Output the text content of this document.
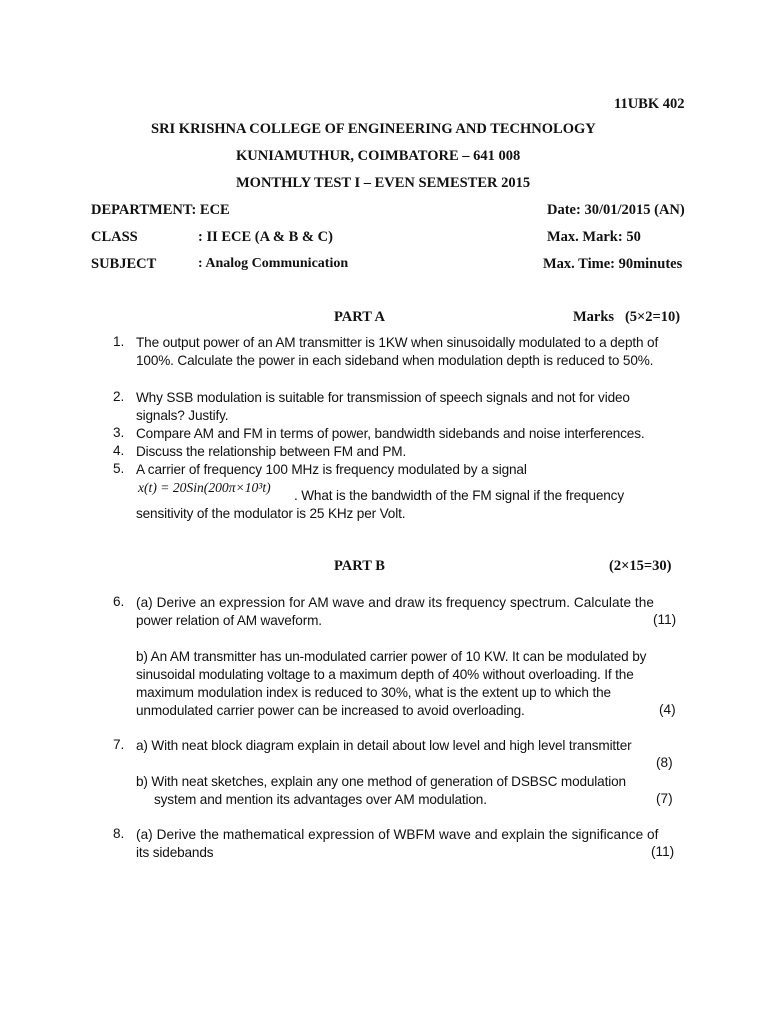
11UBK 402
SRI KRISHNA COLLEGE OF ENGINEERING AND TECHNOLOGY
KUNIAMUTHUR, COIMBATORE – 641 008
MONTHLY TEST I – EVEN SEMESTER 2015
DEPARTMENT: ECE	Date: 30/01/2015 (AN)
CLASS	: II ECE (A & B & C)	Max. Mark: 50
SUBJECT	: Analog Communication	Max. Time: 90minutes
PART A	Marks   (5×2=10)
1. The output power of an AM transmitter is 1KW when sinusoidally modulated to a depth of 100%. Calculate the power in each sideband when modulation depth is reduced to 50%.
2. Why SSB modulation is suitable for transmission of speech signals and not for video signals? Justify.
3. Compare AM and FM in terms of power, bandwidth sidebands and noise interferences.
4. Discuss the relationship between FM and PM.
5. A carrier of frequency 100 MHz is frequency modulated by a signal
x(t) = 20Sin(200π×10³t)
. What is the bandwidth of the FM signal if the frequency
sensitivity of the modulator is 25 KHz per Volt.
PART B	(2×15=30)
6. (a) Derive an expression for AM wave and draw its frequency spectrum. Calculate the
power relation of AM waveform.	(11)
b) An AM transmitter has un-modulated carrier power of 10 KW. It can be modulated by
sinusoidal modulating voltage to a maximum depth of 40% without overloading. If the
maximum modulation index is reduced to 30%, what is the extent up to which the
unmodulated carrier power can be increased to avoid overloading.	(4)
7. a) With neat block diagram explain in detail about low level and high level transmitter
(8)
b) With neat sketches, explain any one method of generation of DSBSC modulation
system and mention its advantages over AM modulation.	(7)
8. (a) Derive the mathematical expression of WBFM wave and explain the significance of
its sidebands	(11)
